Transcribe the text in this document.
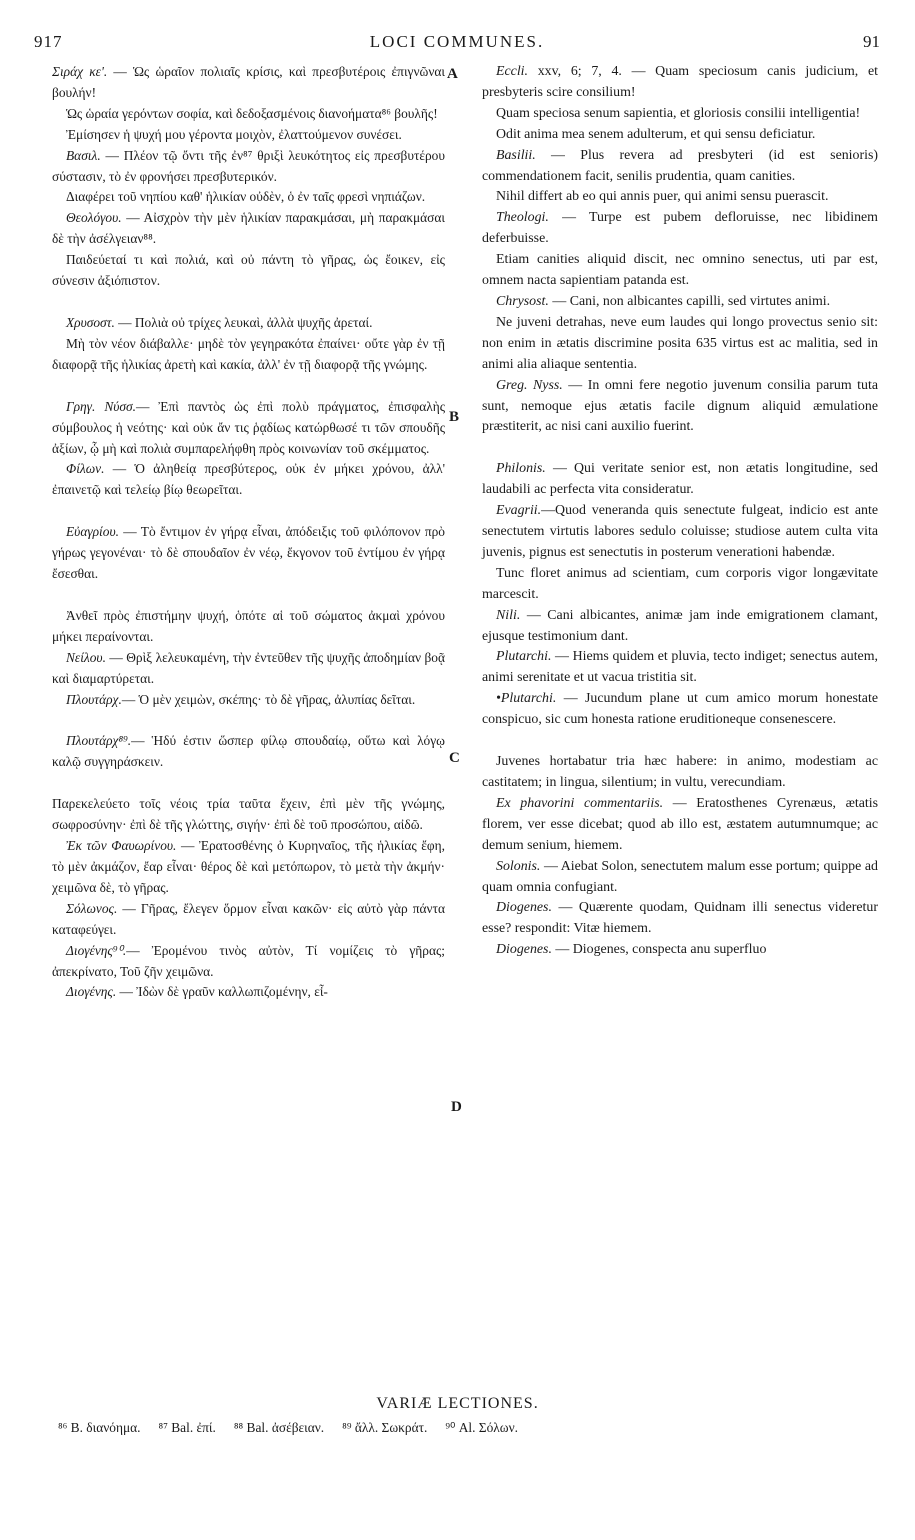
917	LOCI COMMUNES.	91

Σιράχ κε'. — Ὡς ὡραῖον πολιαῖς κρίσις, καὶ πρεσβυτέροις ἐπιγνῶναι βουλήν!

Ὡς ὡραία γερόντων σοφία, καὶ δεδοξασμένοις διανοήματα⁸⁶ βουλῆς!

Ἐμίσησεν ἡ ψυχή μου γέροντα μοιχὸν, ἐλαττούμενον συνέσει.

Βασιλ. — Πλέον τῷ ὄντι τῆς ἐν⁸⁷ θριξὶ λευκότητος εἰς πρεσβυτέρου σύστασιν, τὸ ἐν φρονήσει πρεσβυτερικόν.

Διαφέρει τοῦ νηπίου καθ' ἡλικίαν οὐδὲν, ὁ ἐν ταῖς φρεσὶ νηπιάζων.

Θεολόγου. — Αἰσχρὸν τὴν μὲν ἡλικίαν παρακμάσαι, μὴ παρακμάσαι δὲ τὴν ἀσέλγειαν⁸⁸.

Παιδεύεταί τι καὶ πολιά, καὶ οὐ πάντη τὸ γῆρας, ὡς ἔοικεν, εἰς σύνεσιν ἀξιόπιστον.

Χρυσοστ. — Πολιὰ οὐ τρίχες λευκαὶ, ἀλλὰ ψυχῆς ἀρεταί.

Μὴ τὸν νέον διάβαλλε· μηδὲ τὸν γεγηρακότα ἐπαίνει· οὔτε γὰρ ἐν τῇ διαφορᾷ τῆς ἡλικίας ἀρετὴ καὶ κακία, ἀλλ' ἐν τῇ διαφορᾷ τῆς γνώμης.

Γρηγ. Νύσσ.— Ἐπὶ παντὸς ὡς ἐπὶ πολὺ πράγματος, ἐπισφαλὴς σύμβουλος ἡ νεότης· καὶ οὐκ ἄν τις ῥᾳδίως κατώρθωσέ τι τῶν σπουδῆς ἀξίων, ᾧ μὴ καὶ πολιὰ συμπαρελήφθη πρὸς κοινωνίαν τοῦ σκέμματος.

Φίλων. — Ὁ ἀληθείᾳ πρεσβύτερος, οὐκ ἐν μήκει χρόνου, ἀλλ' ἐπαινετῷ καὶ τελείῳ βίῳ θεωρεῖται.

Εὐαγρίου. — Τὸ ἔντιμον ἐν γήρᾳ εἶναι, ἀπόδειξις τοῦ φιλόπονον πρὸ γήρως γεγονέναι· τὸ δὲ σπουδαῖον ἐν νέῳ, ἔκγονον τοῦ ἐντίμου ἐν γήρᾳ ἔσεσθαι.

Ἀνθεῖ πρὸς ἐπιστήμην ψυχή, ὁπότε αἱ τοῦ σώματος ἀκμαὶ χρόνου μήκει περαίνονται.

Νείλου. — Θρὶξ λελευκαμένη, τὴν ἐντεῦθεν τῆς ψυχῆς ἀποδημίαν βοᾷ καὶ διαμαρτύρεται.

Πλουτάρχ.— Ὁ μὲν χειμὼν, σκέπης· τὸ δὲ γῆρας, ἀλυπίας δεῖται.

Πλουτάρχ⁸⁹.— Ἡδύ ἐστιν ὥσπερ φίλῳ σπουδαίῳ, οὕτω καὶ λόγῳ καλῷ συγγηράσκειν.

Παρεκελεύετο τοῖς νέοις τρία ταῦτα ἔχειν, ἐπὶ μὲν τῆς γνώμης, σωφροσύνην· ἐπὶ δὲ τῆς γλώττης, σιγήν· ἐπὶ δὲ τοῦ προσώπου, αἰδῶ.

Ἐκ τῶν Φαυωρίνου. — Ἐρατοσθένης ὁ Κυρηναῖος, τῆς ἡλικίας ἔφη, τὸ μὲν ἀκμάζον, ἔαρ εἶναι· θέρος δὲ καὶ μετόπωρον, τὸ μετὰ τὴν ἀκμήν· χειμῶνα δὲ, τὸ γῆρας.

Σόλωνος. — Γῆρας, ἔλεγεν ὅρμον εἶναι κακῶν· εἰς αὐτὸ γὰρ πάντα καταφεύγει.

Διογένης⁹⁰.— Ἐρομένου τινὸς αὐτὸν, Τί νομίζεις τὸ γῆρας; ἀπεκρίνατο, Τοῦ ζῆν χειμῶνα.

Διογένης. — Ἰδὼν δὲ γραῦν καλλωπιζομένην, εἶ-

Eccli. xxv, 6; 7, 4. — Quam speciosum canis judicium, et presbyteris scire consilium!

Quam speciosa senum sapientia, et gloriosis consilii intelligentia!

Odit anima mea senem adulterum, et qui sensu deficiatur.

Basilii. — Plus revera ad presbyteri (id est senioris) commendationem facit, senilis prudentia, quam canities.

Nihil differt ab eo qui annis puer, qui animi sensu puerascit.

Theologi. — Turpe est pubem defloruisse, nec libidinem deferbuisse.

Etiam canities aliquid discit, nec omnino senectus, uti par est, omnem nacta sapientiam patanda est.

Chrysost. — Cani, non albicantes capilli, sed virtutes animi.

Ne juveni detrahas, neve eum laudes qui longo provectus senio sit: non enim in ætatis discrimine posita 635 virtus est ac malitia, sed in animi alia aliaque sententia.

Greg. Nyss. — In omni fere negotio juvenum consilia parum tuta sunt, nemoque ejus ætatis facile dignum aliquid æmulatione præstiterit, ac nisi cani auxilio fuerint.

Philonis. — Qui veritate senior est, non ætatis longitudine, sed laudabili ac perfecta vita consideratur.

Evagrii.—Quod veneranda quis senectute fulgeat, indicio est ante senectutem virtutis labores sedulo coluisse; studiose autem culta vita juvenis, pignus est senectutis in posterum venerationi habendæ.

Tunc floret animus ad scientiam, cum corporis vigor longævitate marcescit.

Nili. — Cani albicantes, animæ jam inde emigrationem clamant, ejusque testimonium dant.

Plutarchi. — Hiems quidem et pluvia, tecto indiget; senectus autem, animi serenitate et ut vacua tristitia sit.

•Plutarchi. — Jucundum plane ut cum amico morum honestate conspicuo, sic cum honesta ratione eruditioneque consenescere.

Juvenes hortabatur tria hæc habere: in animo, modestiam ac castitatem; in lingua, silentium; in vultu, verecundiam.

Ex phavorini commentariis. — Eratosthenes Cyrenæus, ætatis florem, ver esse dicebat; quod ab illo est, æstatem autumnumque; ac demum senium, hiemem.

Solonis. — Aiebat Solon, senectutem malum esse portum; quippe ad quam omnia confugiant.

Diogenes. — Quærente quodam, Quidnam illi senectus videretur esse? respondit: Vitæ hiemem.

Diogenes. — Diogenes, conspecta anu superfluo

A
B
C
D
VARIÆ LECTIONES.
⁸⁶ B. διανόημα. ⁸⁷ Bal. ἐπί. ⁸⁸ Bal. ἀσέβειαν. ⁸⁹ ἄλλ. Σωκράτ. ⁹⁰ Al. Σόλων.
